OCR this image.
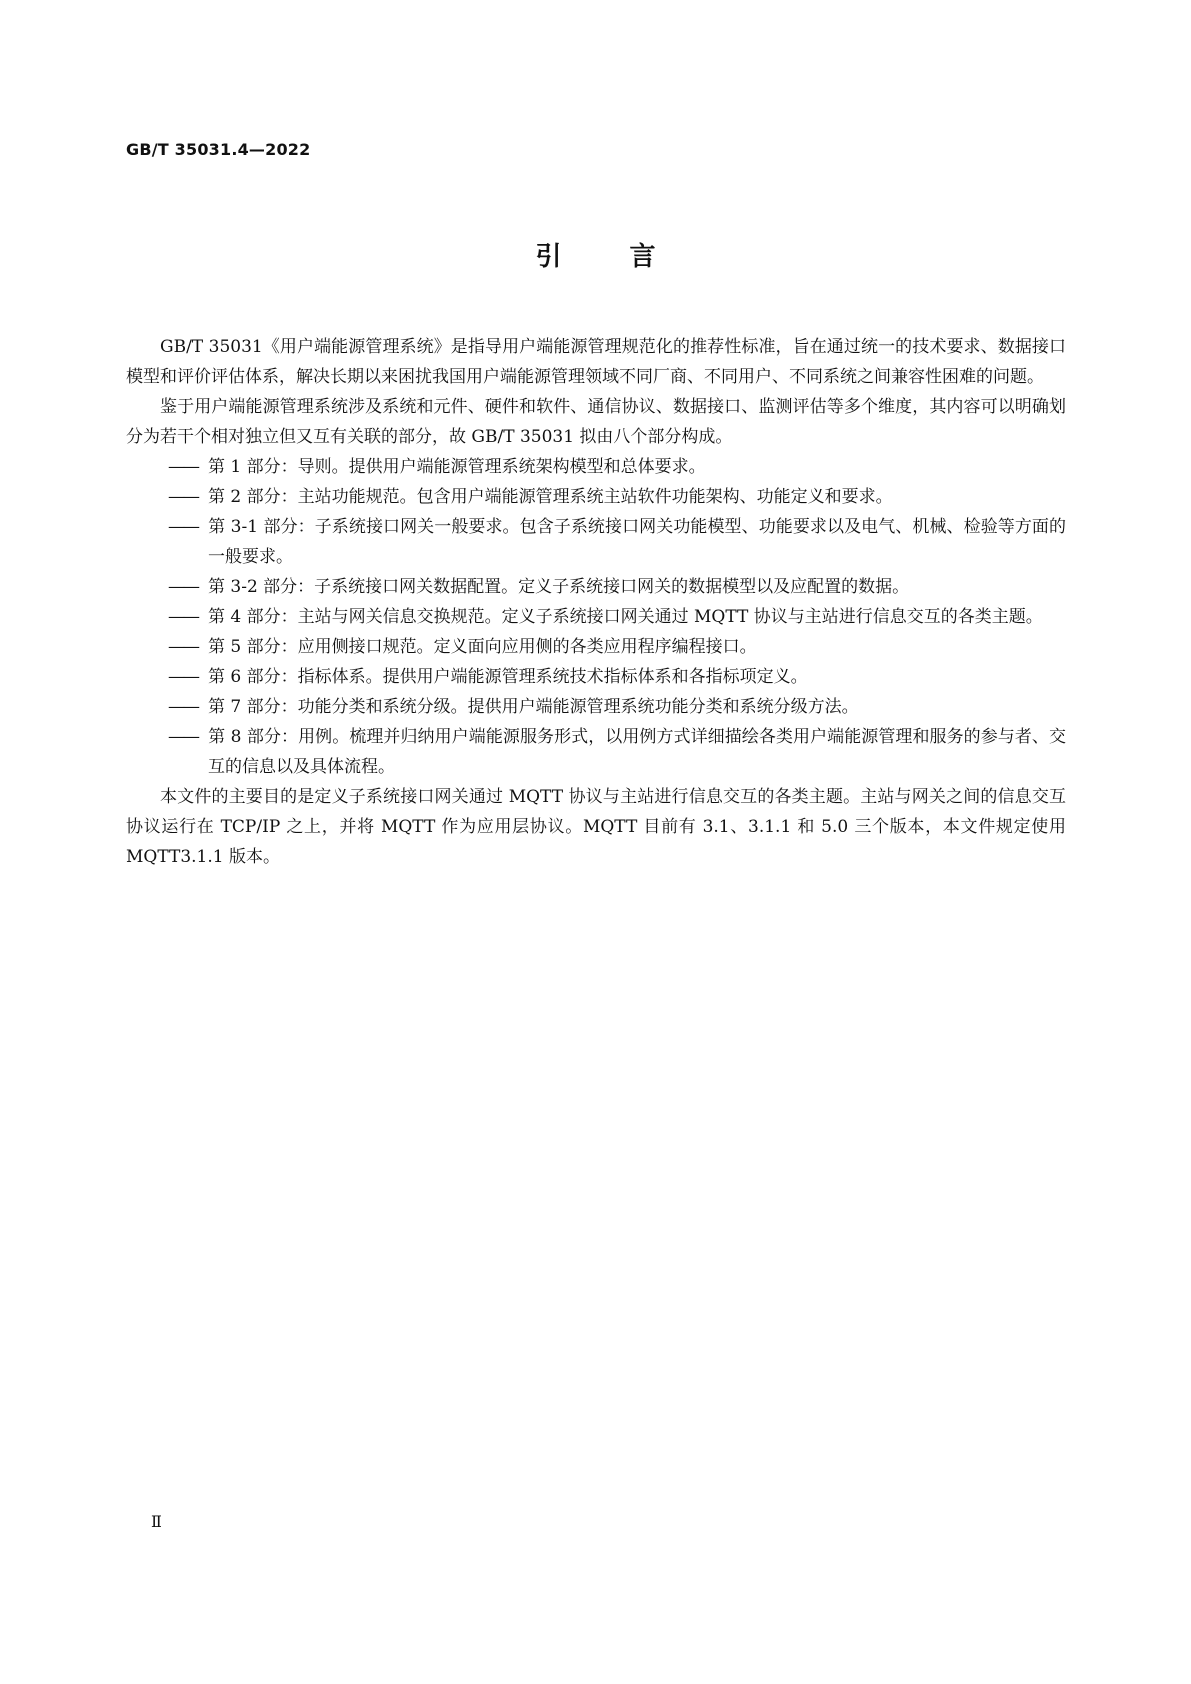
GB/T 35031.4—2022
引言

GB/T 35031《用户端能源管理系统》是指导用户端能源管理规范化的推荐性标准，旨在通过统一的技术要求、数据接口模型和评价评估体系，解决长期以来困扰我国用户端能源管理领域不同厂商、不同用户、不同系统之间兼容性困难的问题。

鉴于用户端能源管理系统涉及系统和元件、硬件和软件、通信协议、数据接口、监测评估等多个维度，其内容可以明确划分为若干个相对独立但又互有关联的部分，故 GB/T 35031 拟由八个部分构成。

—— 第 1 部分：导则。提供用户端能源管理系统架构模型和总体要求。

—— 第 2 部分：主站功能规范。包含用户端能源管理系统主站软件功能架构、功能定义和要求。

—— 第 3-1 部分：子系统接口网关一般要求。包含子系统接口网关功能模型、功能要求以及电气、机械、检验等方面的一般要求。

—— 第 3-2 部分：子系统接口网关数据配置。定义子系统接口网关的数据模型以及应配置的数据。

—— 第 4 部分：主站与网关信息交换规范。定义子系统接口网关通过 MQTT 协议与主站进行信息交互的各类主题。

—— 第 5 部分：应用侧接口规范。定义面向应用侧的各类应用程序编程接口。

—— 第 6 部分：指标体系。提供用户端能源管理系统技术指标体系和各指标项定义。

—— 第 7 部分：功能分类和系统分级。提供用户端能源管理系统功能分类和系统分级方法。

—— 第 8 部分：用例。梳理并归纳用户端能源服务形式，以用例方式详细描绘各类用户端能源管理和服务的参与者、交互的信息以及具体流程。

本文件的主要目的是定义子系统接口网关通过 MQTT 协议与主站进行信息交互的各类主题。主站与网关之间的信息交互协议运行在 TCP/IP 之上，并将 MQTT 作为应用层协议。MQTT 目前有 3.1、3.1.1 和 5.0 三个版本，本文件规定使用 MQTT3.1.1 版本。

Ⅱ
